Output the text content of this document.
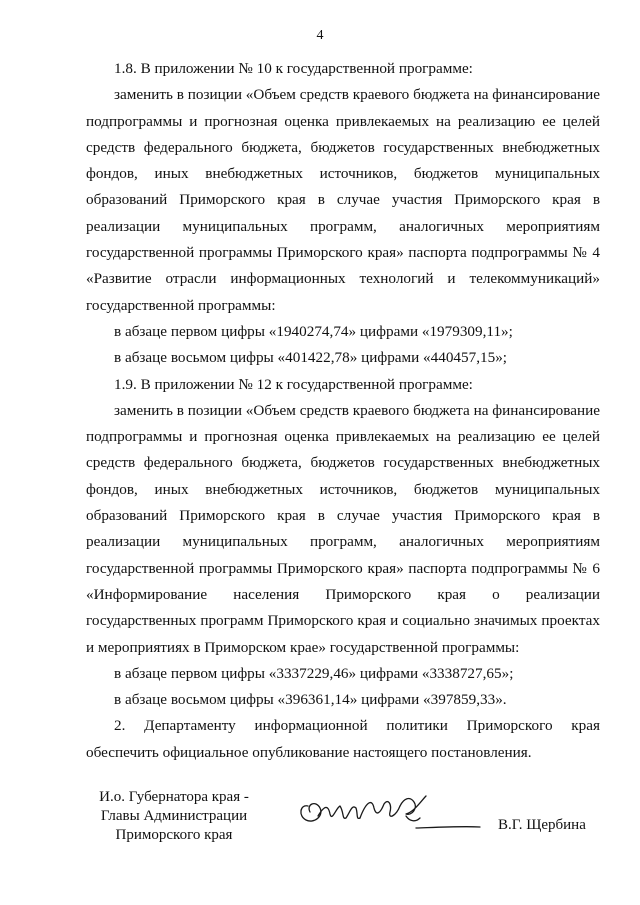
4

1.8. В приложении № 10 к государственной программе:

заменить в позиции «Объем средств краевого бюджета на финансирование подпрограммы и прогнозная оценка привлекаемых на реализацию ее целей средств федерального бюджета, бюджетов государственных внебюджетных фондов, иных внебюджетных источников, бюджетов муниципальных образований Приморского края в случае участия Приморского края в реализации муниципальных программ, аналогичных мероприятиям государственной программы Приморского края» паспорта подпрограммы № 4 «Развитие отрасли информационных технологий и телекоммуникаций» государственной программы:

в абзаце первом цифры «1940274,74» цифрами «1979309,11»;

в абзаце восьмом цифры «401422,78» цифрами «440457,15»;

1.9. В приложении № 12 к государственной программе:

заменить в позиции «Объем средств краевого бюджета на финансирование подпрограммы и прогнозная оценка привлекаемых на реализацию ее целей средств федерального бюджета, бюджетов государственных внебюджетных фондов, иных внебюджетных источников, бюджетов муниципальных образований Приморского края в случае участия Приморского края в реализации муниципальных программ, аналогичных мероприятиям государственной программы Приморского края» паспорта подпрограммы № 6 «Информирование населения Приморского края о реализации государственных программ Приморского края и социально значимых проектах и мероприятиях в Приморском крае» государственной программы:

в абзаце первом цифры «3337229,46» цифрами «3338727,65»;

в абзаце восьмом цифры «396361,14» цифрами «397859,33».

2. Департаменту информационной политики Приморского края обеспечить официальное опубликование настоящего постановления.

И.о. Губернатора края -
Главы Администрации
Приморского края
В.Г. Щербина
